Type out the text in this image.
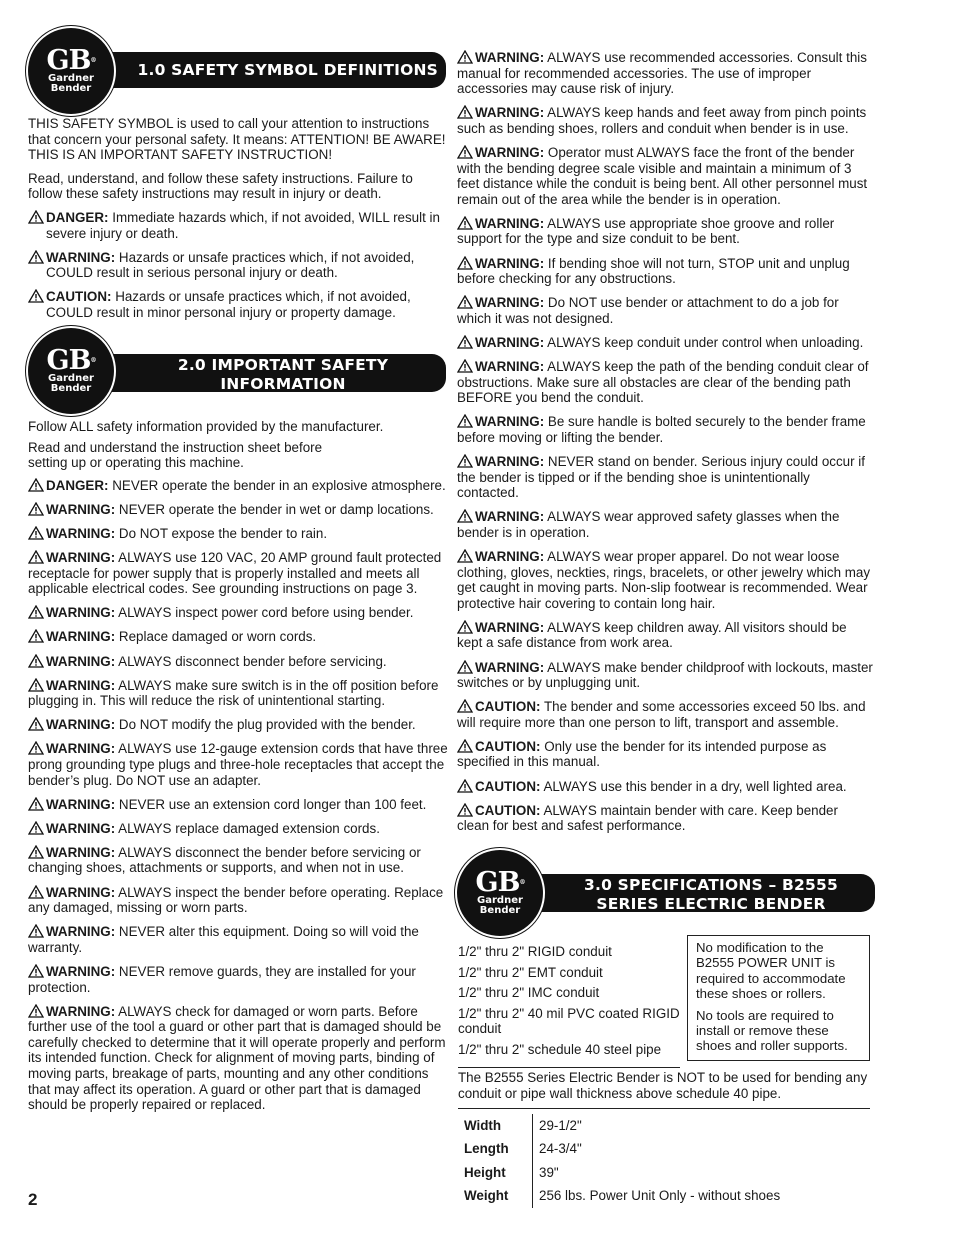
1.0 SAFETY SYMBOL DEFINITIONS
GB®
Gardner
Bender

THIS SAFETY SYMBOL is used to call your attention to instructions that concern your personal safety. It means: ATTENTION! BE AWARE! THIS IS AN IMPORTANT SAFETY INSTRUCTION!

Read, understand, and follow these safety instructions. Failure to follow these safety instructions may result in injury or death.

DANGER: Immediate hazards which, if not avoided, WILL result in severe injury or death.

WARNING: Hazards or unsafe practices which, if not avoided, COULD result in serious personal injury or death.

CAUTION: Hazards or unsafe practices which, if not avoided, COULD result in minor personal injury or property damage.

2.0 IMPORTANT SAFETY
INFORMATION
GB®
Gardner
Bender

Follow ALL safety information provided by the manufacturer.

Read and understand the instruction sheet before setting up or operating this machine.

DANGER: NEVER operate the bender in an explosive atmosphere.

WARNING: NEVER operate the bender in wet or damp locations.

WARNING: Do NOT expose the bender to rain.

WARNING: ALWAYS use 120 VAC, 20 AMP ground fault protected receptacle for power supply that is properly installed and meets all applicable electrical codes. See grounding instructions on page 3.

WARNING: ALWAYS inspect power cord before using bender.

WARNING: Replace damaged or worn cords.

WARNING: ALWAYS disconnect bender before servicing.

WARNING: ALWAYS make sure switch is in the off position before plugging in. This will reduce the risk of unintentional starting.

WARNING: Do NOT modify the plug provided with the bender.

WARNING: ALWAYS use 12-gauge extension cords that have three prong grounding type plugs and three-hole receptacles that accept the bender’s plug. Do NOT use an adapter.

WARNING: NEVER use an extension cord longer than 100 feet.

WARNING: ALWAYS replace damaged extension cords.

WARNING: ALWAYS disconnect the bender before servicing or changing shoes, attachments or supports, and when not in use.

WARNING: ALWAYS inspect the bender before operating. Replace any damaged, missing or worn parts.

WARNING: NEVER alter this equipment. Doing so will void the warranty.

WARNING: NEVER remove guards, they are installed for your protection.

WARNING: ALWAYS check for damaged or worn parts. Before further use of the tool a guard or other part that is damaged should be carefully checked to determine that it will operate properly and perform its intended function. Check for alignment of moving parts, binding of moving parts, breakage of parts, mounting and any other conditions that may affect its operation. A guard or other part that is damaged should be properly repaired or replaced.

WARNING: ALWAYS use recommended accessories. Consult this manual for recommended accessories. The use of improper accessories may cause risk of injury.

WARNING: ALWAYS keep hands and feet away from pinch points such as bending shoes, rollers and conduit when bender is in use.

WARNING: Operator must ALWAYS face the front of the bender with the bending degree scale visible and maintain a minimum of 3 feet distance while the conduit is being bent. All other personnel must remain out of the area while the bender is in operation.

WARNING: ALWAYS use appropriate shoe groove and roller support for the type and size conduit to be bent.

WARNING: If bending shoe will not turn, STOP unit and unplug before checking for any obstructions.

WARNING: Do NOT use bender or attachment to do a job for which it was not designed.

WARNING: ALWAYS keep conduit under control when unloading.

WARNING: ALWAYS keep the path of the bending conduit clear of obstructions. Make sure all obstacles are clear of the bending path BEFORE you bend the conduit.

WARNING: Be sure handle is bolted securely to the bender frame before moving or lifting the bender.

WARNING: NEVER stand on bender. Serious injury could occur if the bender is tipped or if the bending shoe is unintentionally contacted.

WARNING: ALWAYS wear approved safety glasses when the bender is in operation.

WARNING: ALWAYS wear proper apparel. Do not wear loose clothing, gloves, neckties, rings, bracelets, or other jewelry which may get caught in moving parts. Non-slip footwear is recommended. Wear protective hair covering to contain long hair.

WARNING: ALWAYS keep children away. All visitors should be kept a safe distance from work area.

WARNING: ALWAYS make bender childproof with lockouts, master switches or by unplugging unit.

CAUTION: The bender and some accessories exceed 50 lbs. and will require more than one person to lift, transport and assemble.

CAUTION: Only use the bender for its intended purpose as specified in this manual.

CAUTION: ALWAYS use this bender in a dry, well lighted area.

CAUTION: ALWAYS maintain bender with care. Keep bender clean for best and safest performance.

3.0 SPECIFICATIONS – B2555
SERIES ELECTRIC BENDER
GB®
Gardner
Bender
1/2" thru 2" RIGID conduit
1/2" thru 2" EMT conduit
1/2" thru 2" IMC conduit
1/2" thru 2" 40 mil PVC coated RIGID conduit
1/2" thru 2" schedule 40 steel pipe

No modification to the B2555 POWER UNIT is required to accommodate these shoes or rollers.

No tools are required to install or remove these shoes and roller supports.

The B2555 Series Electric Bender is NOT to be used for bending any conduit or pipe wall thickness above schedule 40 pipe.
Width	29-1/2"
Length	24-3/4"
Height	39"
Weight	256 lbs. Power Unit Only - without shoes
2
